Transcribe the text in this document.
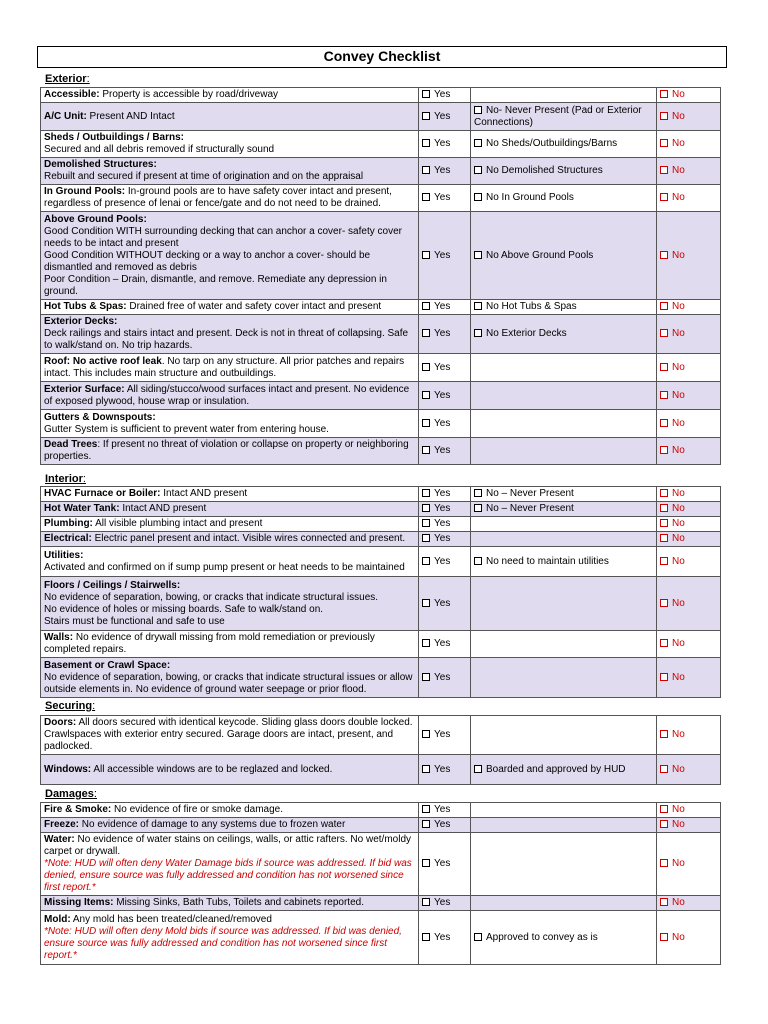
Convey Checklist
Exterior:
Accessible: Property is accessible by road/driveway	Yes		No
A/C Unit: Present AND Intact	Yes	No- Never Present (Pad or Exterior Connections)	No
Sheds / Outbuildings / Barns:
Secured and all debris removed if structurally sound	Yes	No Sheds/Outbuildings/Barns	No
Demolished Structures:
Rebuilt and secured if present at time of origination and on the appraisal	Yes	No Demolished Structures	No
In Ground Pools: In-ground pools are to have safety cover intact and present, regardless of presence of lenai or fence/gate and do not need to be drained.	Yes	No In Ground Pools	No
Above Ground Pools:
Good Condition WITH surrounding decking that can anchor a cover- safety cover needs to be intact and present
Good Condition WITHOUT decking or a way to anchor a cover- should be dismantled and removed as debris
Poor Condition – Drain, dismantle, and remove. Remediate any depression in ground.	Yes	No Above Ground Pools	No
Hot Tubs & Spas: Drained free of water and safety cover intact and present	Yes	No Hot Tubs & Spas	No
Exterior Decks:
Deck railings and stairs intact and present. Deck is not in threat of collapsing. Safe to walk/stand on. No trip hazards.	Yes	No Exterior Decks	No
Roof: No active roof leak. No tarp on any structure. All prior patches and repairs intact. This includes main structure and outbuildings.	Yes		No
Exterior Surface: All siding/stucco/wood surfaces intact and present. No evidence of exposed plywood, house wrap or insulation.	Yes		No
Gutters & Downspouts:
Gutter System is sufficient to prevent water from entering house.	Yes		No
Dead Trees: If present no threat of violation or collapse on property or neighboring properties.	Yes		No
Interior:
HVAC Furnace or Boiler: Intact AND present	Yes	No – Never Present	No
Hot Water Tank: Intact AND present	Yes	No – Never Present	No
Plumbing: All visible plumbing intact and present	Yes		No
Electrical: Electric panel present and intact. Visible wires connected and present.	Yes		No
Utilities:
Activated and confirmed on if sump pump present or heat needs to be maintained	Yes	No need to maintain utilities	No
Floors / Ceilings / Stairwells:
No evidence of separation, bowing, or cracks that indicate structural issues.
No evidence of holes or missing boards. Safe to walk/stand on.
Stairs must be functional and safe to use	Yes		No
Walls: No evidence of drywall missing from mold remediation or previously completed repairs.	Yes		No
Basement or Crawl Space:
No evidence of separation, bowing, or cracks that indicate structural issues or allow outside elements in. No evidence of ground water seepage or prior flood.	Yes		No
Securing:
Doors: All doors secured with identical keycode. Sliding glass doors double locked. Crawlspaces with exterior entry secured. Garage doors are intact, present, and padlocked.	Yes		No
Windows: All accessible windows are to be reglazed and locked.	Yes	Boarded and approved by HUD	No
Damages:
Fire & Smoke: No evidence of fire or smoke damage.	Yes		No
Freeze: No evidence of damage to any systems due to frozen water	Yes		No
Water: No evidence of water stains on ceilings, walls, or attic rafters. No wet/moldy carpet or drywall.
*Note: HUD will often deny Water Damage bids if source was addressed. If bid was denied, ensure source was fully addressed and condition has not worsened since first report.*	Yes		No
Missing Items: Missing Sinks, Bath Tubs, Toilets and cabinets reported.	Yes		No
Mold: Any mold has been treated/cleaned/removed
*Note: HUD will often deny Mold bids if source was addressed. If bid was denied, ensure source was fully addressed and condition has not worsened since first report.*	Yes	Approved to convey as is	No
